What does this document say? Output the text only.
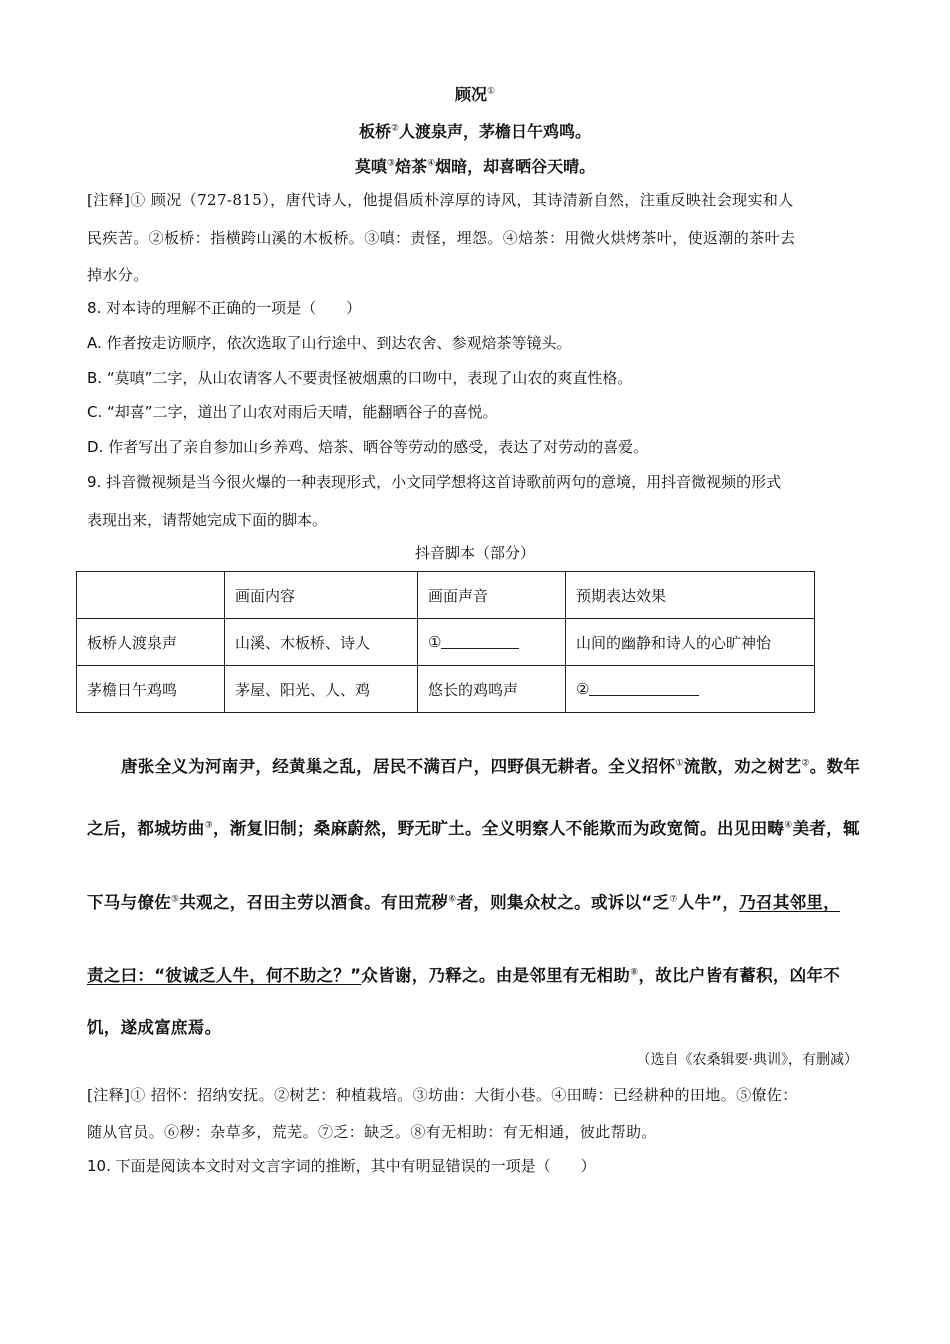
顾况①
板桥②人渡泉声，茅檐日午鸡鸣。
莫嗔③焙茶④烟暗，却喜晒谷天晴。
[注释]① 顾况（727-815），唐代诗人，他提倡质朴淳厚的诗风，其诗清新自然，注重反映社会现实和人
民疾苦。②板桥：指横跨山溪的木板桥。③嗔：责怪，埋怨。④焙茶：用微火烘烤茶叶，使返潮的茶叶去
掉水分。
8. 对本诗的理解不正确的一项是（　　）
A. 作者按走访顺序，依次选取了山行途中、到达农舍、参观焙茶等镜头。
B. “莫嗔”二字，从山农请客人不要责怪被烟熏的口吻中，表现了山农的爽直性格。
C. “却喜”二字，道出了山农对雨后天晴，能翻晒谷子的喜悦。
D. 作者写出了亲自参加山乡养鸡、焙茶、晒谷等劳动的感受，表达了对劳动的喜爱。
9. 抖音微视频是当今很火爆的一种表现形式，小文同学想将这首诗歌前两句的意境，用抖音微视频的形式
表现出来，请帮她完成下面的脚本。
抖音脚本（部分）
	画面内容	画面声音	预期表达效果
板桥人渡泉声	山溪、木板桥、诗人	①	山间的幽静和诗人的心旷神怡
茅檐日午鸡鸣	茅屋、阳光、人、鸡	悠长的鸡鸣声	②
唐张全义为河南尹，经黄巢之乱，居民不满百户，四野俱无耕者。全义招怀①流散，劝之树艺②。数年
之后，都城坊曲③，渐复旧制；桑麻蔚然，野无旷土。全义明察人不能欺而为政宽简。出见田畴④美者，辄
下马与僚佐⑤共观之，召田主劳以酒食。有田荒秽⑥者，则集众杖之。或诉以“乏⑦人牛”，乃召其邻里，
责之曰：“彼诚乏人牛，何不助之？”众皆谢，乃释之。由是邻里有无相助⑧，故比户皆有蓄积，凶年不
饥，遂成富庶焉。
（选自《农桑辑要·典训》，有删减）
[注释]① 招怀：招纳安抚。②树艺：种植栽培。③坊曲：大街小巷。④田畴：已经耕种的田地。⑤僚佐：
随从官员。⑥秽：杂草多，荒芜。⑦乏：缺乏。⑧有无相助：有无相通，彼此帮助。
10. 下面是阅读本文时对文言字词的推断，其中有明显错误的一项是（　　）
